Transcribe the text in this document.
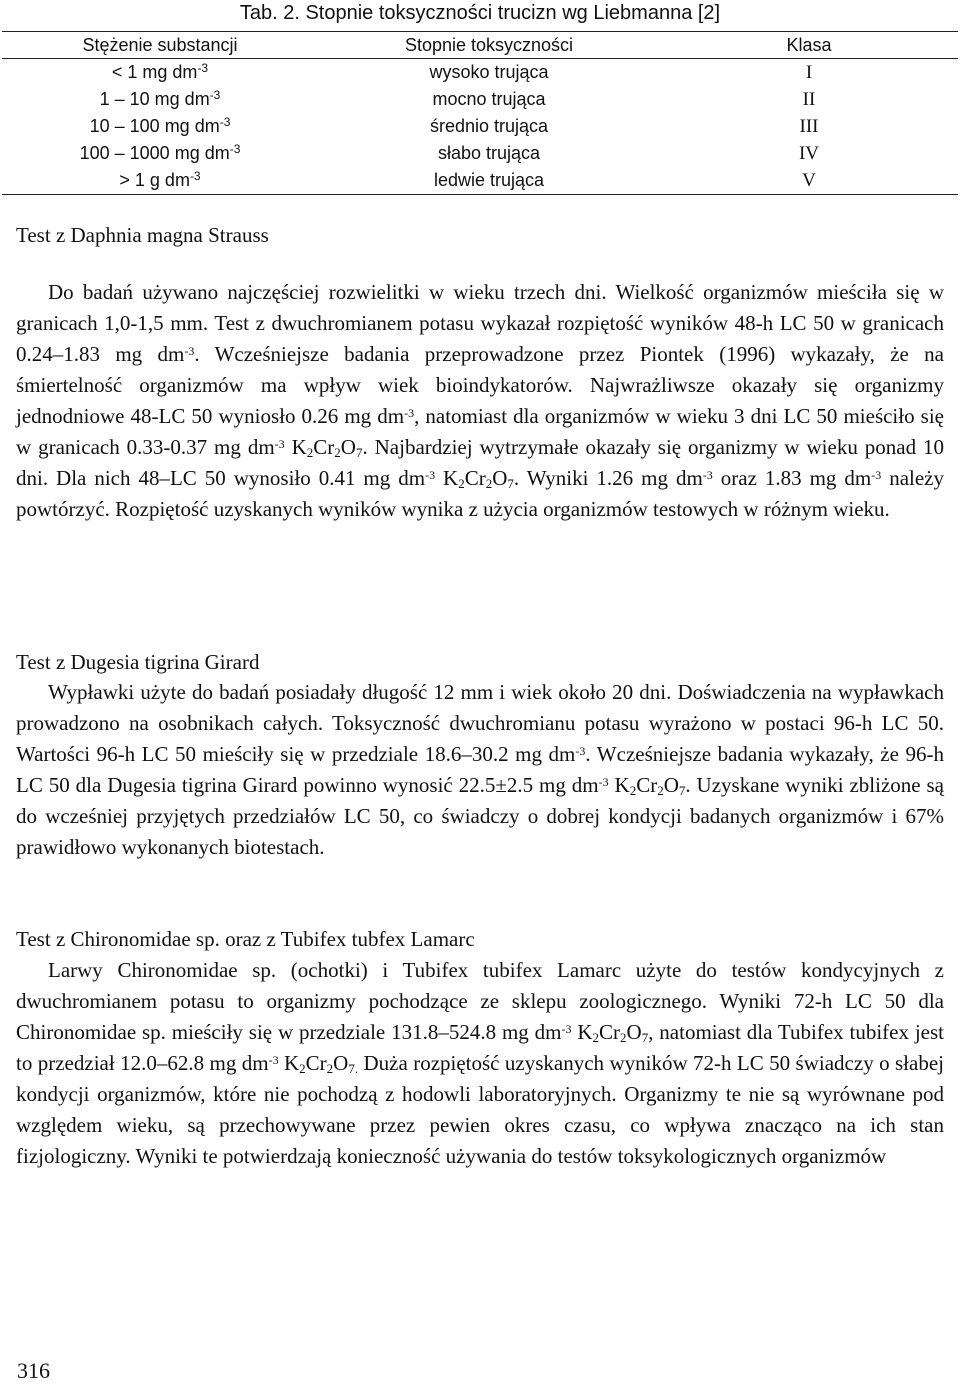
Tab. 2. Stopnie toksyczności trucizn wg Liebmanna [2]
Stężenie substancji	Stopnie toksyczności	Klasa
< 1 mg $dm^{-3}$	wysoko trująca	I
1 – 10 mg $dm^{-3}$	mocno trująca	II
10 – 100 mg $dm^{-3}$	średnio trująca	III
100 – 1000 mg $dm^{-3}$	słabo trująca	IV
> 1 g $dm^{-3}$	ledwie trująca	V
Test z Daphnia magna Strauss

Do badań używano najczęściej rozwielitki w wieku trzech dni. Wielkość organizmów mieściła się w granicach 1,0-1,5 mm. Test z dwuchromianem potasu wykazał rozpiętość wyników 48-h LC 50 w granicach 0.24–1.83 mg $dm^{-3}$. Wcześniejsze badania przeprowadzone przez Piontek (1996) wykazały, że na śmiertelność organizmów ma wpływ wiek bioindykatorów. Najwrażliwsze okazały się organizmy jednodniowe 48-LC 50 wyniosło 0.26 mg $dm^{-3}$, natomiast dla organizmów w wieku 3 dni LC 50 mieściło się w granicach 0.33-0.37 mg $dm^{-3}$ $K_2Cr_2O_7$. Najbardziej wytrzymałe okazały się organizmy w wieku ponad 10 dni. Dla nich 48–LC 50 wynosiło 0.41 mg $dm^{-3}$ $K_2Cr_2O_7$. Wyniki 1.26 mg $dm^{-3}$ oraz 1.83 mg $dm^{-3}$ należy powtórzyć. Rozpiętość uzyskanych wyników wynika z użycia organizmów testowych w różnym wieku.

Test z Dugesia tigrina Girard

Wypławki użyte do badań posiadały długość 12 mm i wiek około 20 dni. Doświadczenia na wypławkach prowadzono na osobnikach całych. Toksyczność dwuchromianu potasu wyrażono w postaci 96-h LC 50. Wartości 96-h LC 50 mieściły się w przedziale 18.6–30.2 mg $dm^{-3}$. Wcześniejsze badania wykazały, że 96-h LC 50 dla Dugesia tigrina Girard powinno wynosić 22.5±2.5 mg $dm^{-3}$ $K_2Cr_2O_7$. Uzyskane wyniki zbliżone są do wcześniej przyjętych przedziałów LC 50, co świadczy o dobrej kondycji badanych organizmów i 67% prawidłowo wykonanych biotestach.

Test z Chironomidae sp. oraz z Tubifex tubfex Lamarc

Larwy Chironomidae sp. (ochotki) i Tubifex tubifex Lamarc użyte do testów kondycyjnych z dwuchromianem potasu to organizmy pochodzące ze sklepu zoologicznego. Wyniki 72-h LC 50 dla Chironomidae sp. mieściły się w przedziale 131.8–524.8 mg $dm^{-3}$ $K_2Cr_2O_7$, natomiast dla Tubifex tubifex jest to przedział 12.0–62.8 mg $dm^{-3}$ $K_2Cr_2O_{7.}$ Duża rozpiętość uzyskanych wyników 72-h LC 50 świadczy o słabej kondycji organizmów, które nie pochodzą z hodowli laboratoryjnych. Organizmy te nie są wyrównane pod względem wieku, są przechowywane przez pewien okres czasu, co wpływa znacząco na ich stan fizjologiczny. Wyniki te potwierdzają konieczność używania do testów toksykologicznych organizmów

316
